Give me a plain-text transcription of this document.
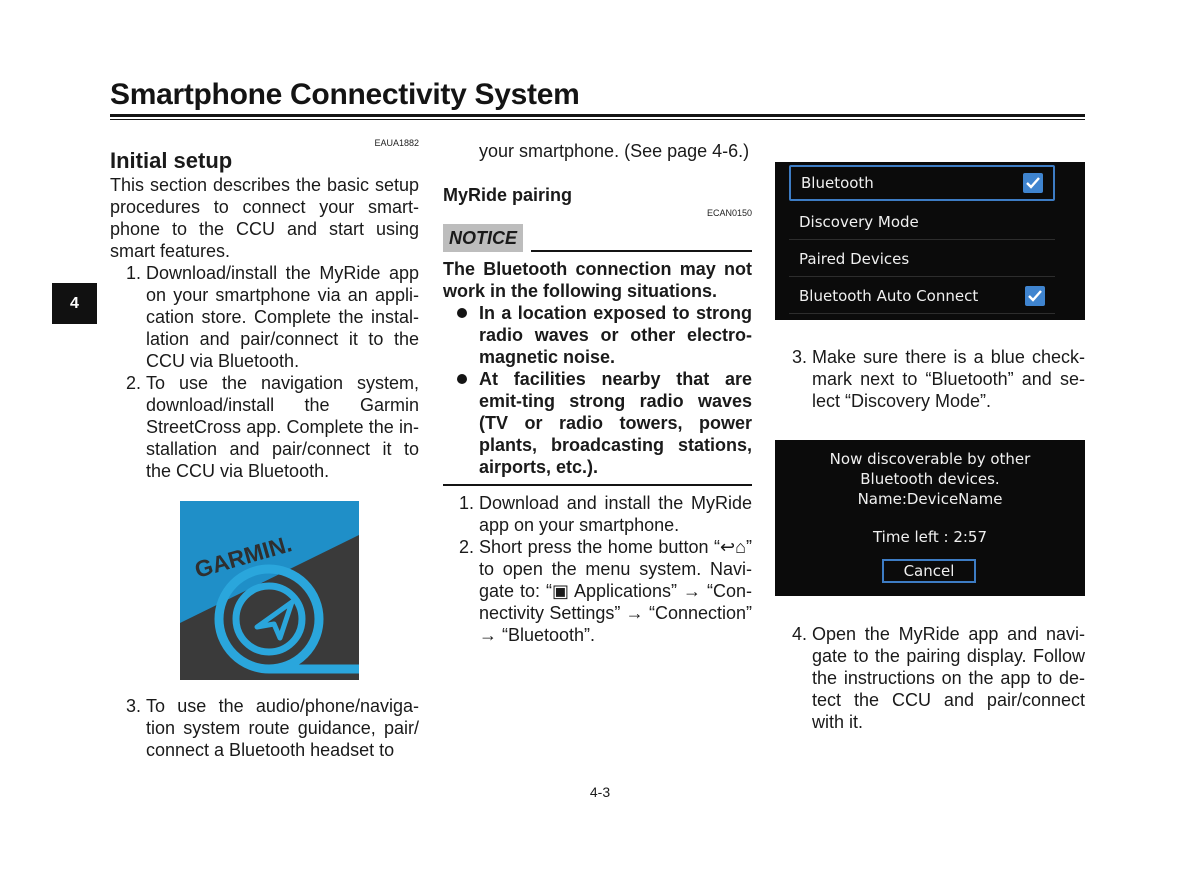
Smartphone Connectivity System
4
EAUA1882
Initial setup

This section describes the basic setup procedures to connect your smart-phone to the CCU and start using smart features.

1. Download/install the MyRide app on your smartphone via an appli-cation store. Complete the instal-lation and pair/connect it to the CCU via Bluetooth.
2. To use the navigation system, download/install the Garmin StreetCross app. Complete the in-stallation and pair/connect it to the CCU via Bluetooth.
GARMIN.
3. To use the audio/phone/naviga-tion system route guidance, pair/ connect a Bluetooth headset to

your smartphone. (See page 4-6.)

MyRide pairing
ECAN0150
NOTICE

The Bluetooth connection may not work in the following situations.

In a location exposed to strong radio waves or other electro-magnetic noise.
At facilities nearby that are emit-ting strong radio waves (TV or radio towers, power plants, broadcasting stations, airports, etc.).
1. Download and install the MyRide app on your smartphone.
2. Short press the home button “↩⌂” to open the menu system. Navi-gate to: “▣ Applications” → “Con-nectivity Settings” → “Connection” → “Bluetooth”.
Bluetooth
Discovery Mode
Paired Devices
Bluetooth Auto Connect
3. Make sure there is a blue check-mark next to “Bluetooth” and se-lect “Discovery Mode”.
Now discoverable by other
Bluetooth devices.
Name:DeviceName
Time left : 2:57
Cancel
4. Open the MyRide app and navi-gate to the pairing display. Follow the instructions on the app to de-tect the CCU and pair/connect with it.
4-3
